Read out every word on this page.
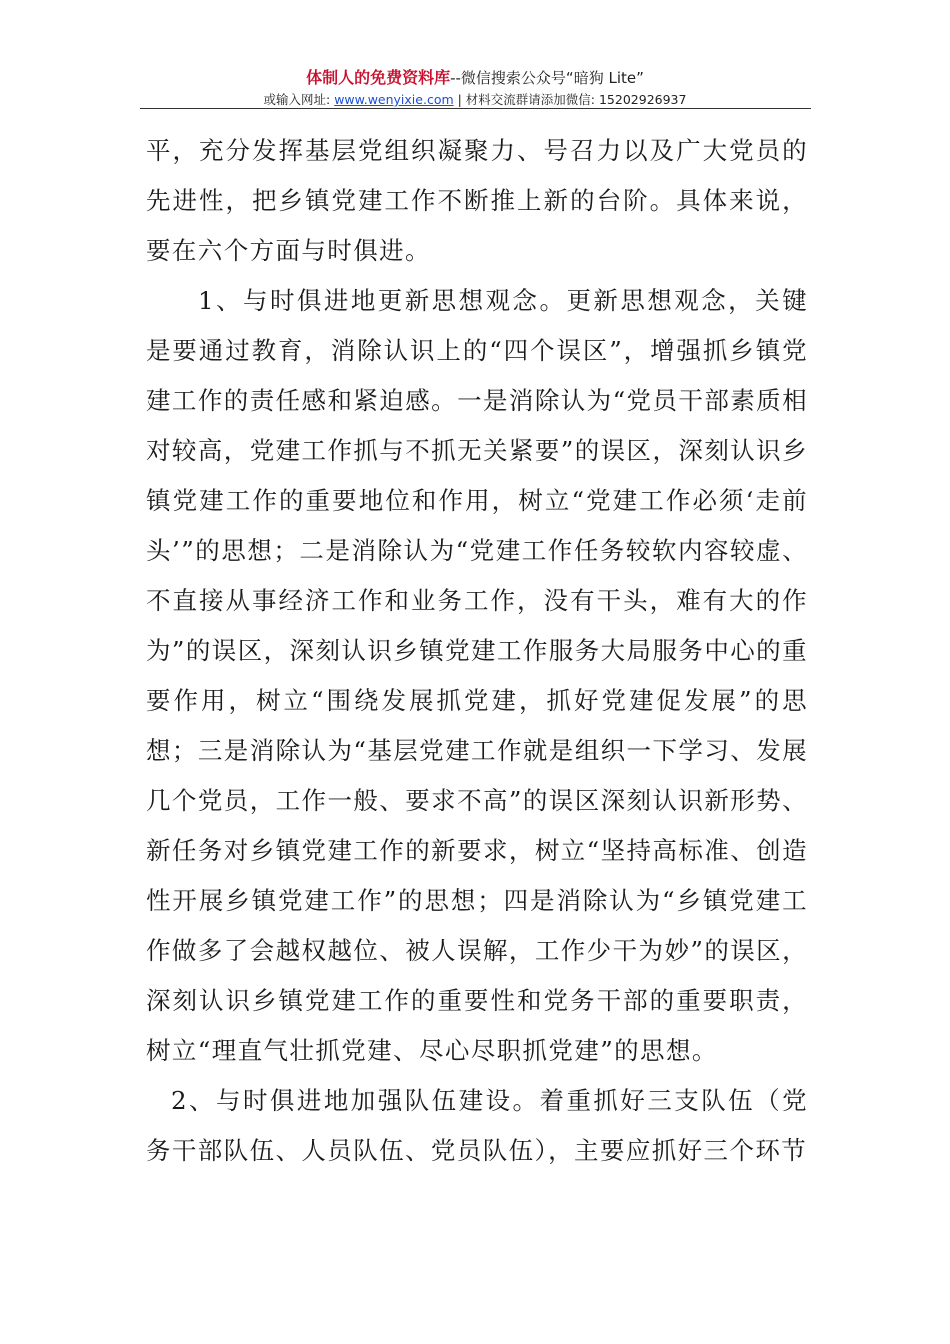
体制人的免费资料库--微信搜索公众号“暗狗 Lite”
或输入网址: www.wenyixie.com | 材料交流群请添加微信: 15202926937

平，充分发挥基层党组织凝聚力、号召力以及广大党员的先进性，把乡镇党建工作不断推上新的台阶。具体来说，要在六个方面与时俱进。

1、与时俱进地更新思想观念。更新思想观念，关键是要通过教育，消除认识上的“四个误区”，增强抓乡镇党建工作的责任感和紧迫感。一是消除认为“党员干部素质相对较高，党建工作抓与不抓无关紧要”的误区，深刻认识乡镇党建工作的重要地位和作用，树立“党建工作必须‘走前头’”的思想；二是消除认为“党建工作任务较软内容较虚、不直接从事经济工作和业务工作，没有干头，难有大的作为”的误区，深刻认识乡镇党建工作服务大局服务中心的重要作用，树立“围绕发展抓党建，抓好党建促发展”的思想；三是消除认为“基层党建工作就是组织一下学习、发展几个党员，工作一般、要求不高”的误区深刻认识新形势、新任务对乡镇党建工作的新要求，树立“坚持高标准、创造性开展乡镇党建工作”的思想；四是消除认为“乡镇党建工作做多了会越权越位、被人误解，工作少干为妙”的误区，深刻认识乡镇党建工作的重要性和党务干部的重要职责，树立“理直气壮抓党建、尽心尽职抓党建”的思想。

2、与时俱进地加强队伍建设。着重抓好三支队伍（党务干部队伍、人员队伍、党员队伍），主要应抓好三个环节
